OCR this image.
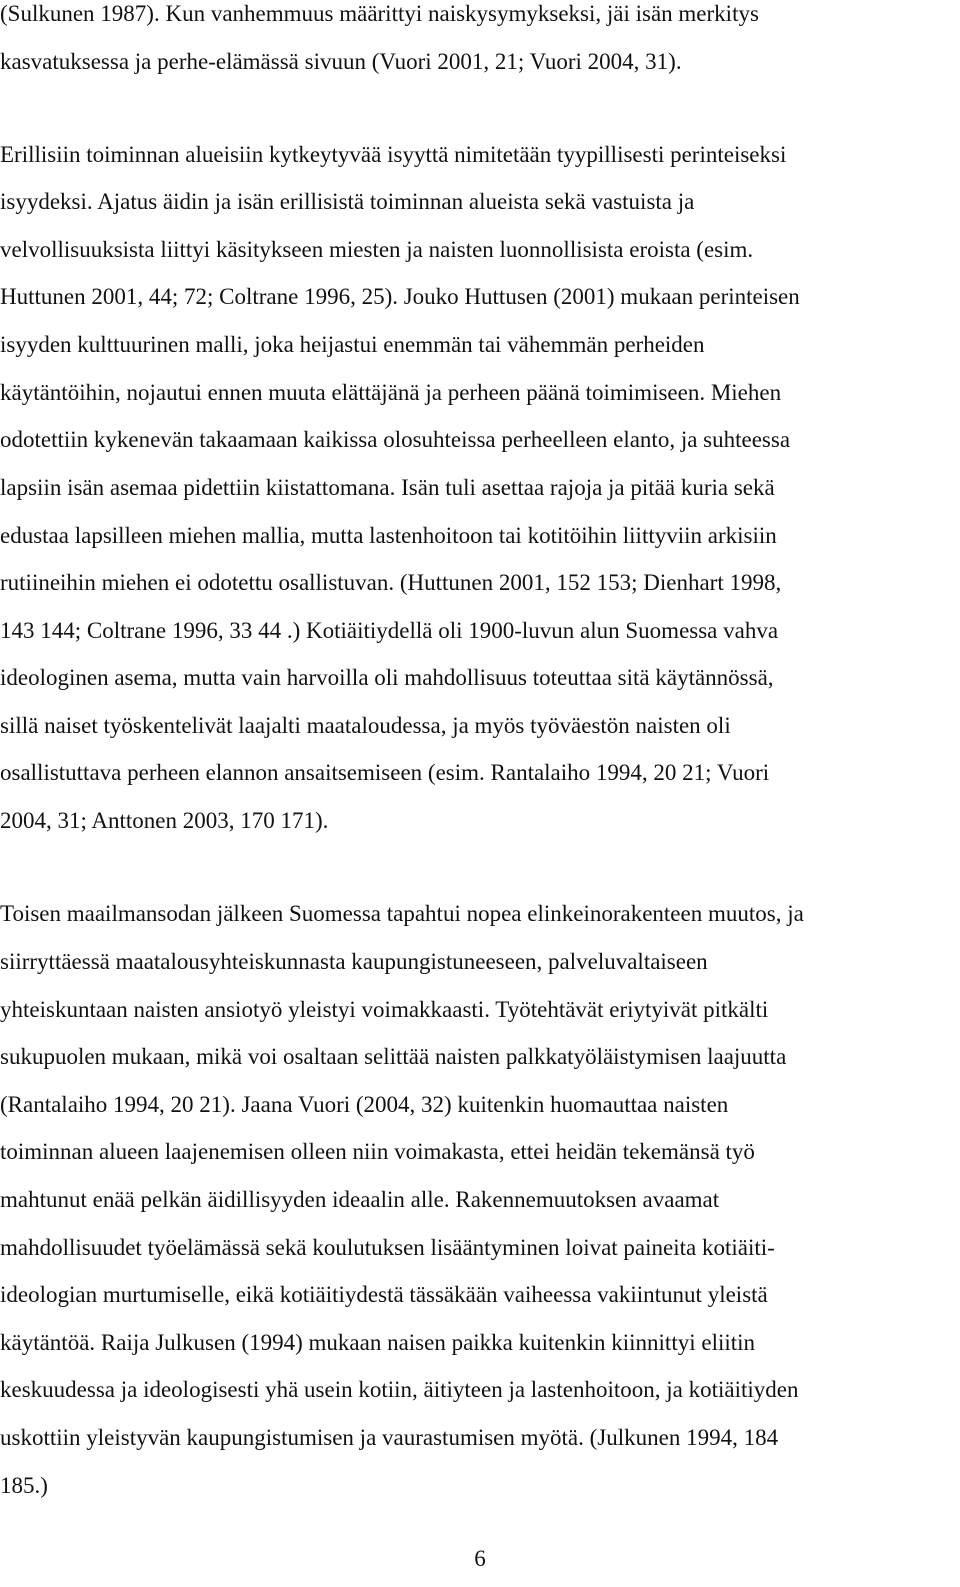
(Sulkunen 1987). Kun vanhemmuus määrittyi naiskysymykseksi, jäi isän merkitys
kasvatuksessa ja perhe-elämässä sivuun (Vuori 2001, 21; Vuori 2004, 31).
Erillisiin toiminnan alueisiin kytkeytyvää isyyttä nimitetään tyypillisesti perinteiseksi
isyydeksi. Ajatus äidin ja isän erillisistä toiminnan alueista sekä vastuista ja
velvollisuuksista liittyi käsitykseen miesten ja naisten luonnollisista eroista (esim.
Huttunen 2001, 44; 72; Coltrane 1996, 25). Jouko Huttusen (2001) mukaan perinteisen
isyyden kulttuurinen malli, joka heijastui enemmän tai vähemmän perheiden
käytäntöihin, nojautui ennen muuta elättäjänä ja perheen päänä toimimiseen. Miehen
odotettiin kykenevän takaamaan kaikissa olosuhteissa perheelleen elanto, ja suhteessa
lapsiin isän asemaa pidettiin kiistattomana. Isän tuli asettaa rajoja ja pitää kuria sekä
edustaa lapsilleen miehen mallia, mutta lastenhoitoon tai kotitöihin liittyviin arkisiin
rutiineihin miehen ei odotettu osallistuvan. (Huttunen 2001, 152 153; Dienhart 1998,
143 144; Coltrane 1996, 33 44 .) Kotiäitiydellä oli 1900-luvun alun Suomessa vahva
ideologinen asema, mutta vain harvoilla oli mahdollisuus toteuttaa sitä käytännössä,
sillä naiset työskentelivät laajalti maataloudessa, ja myös työväestön naisten oli
osallistuttava perheen elannon ansaitsemiseen (esim. Rantalaiho 1994, 20 21; Vuori
2004, 31; Anttonen 2003, 170 171).
Toisen maailmansodan jälkeen Suomessa tapahtui nopea elinkeinorakenteen muutos, ja
siirryttäessä maatalousyhteiskunnasta kaupungistuneeseen, palveluvaltaiseen
yhteiskuntaan naisten ansiotyö yleistyi voimakkaasti. Työtehtävät eriytyivät pitkälti
sukupuolen mukaan, mikä voi osaltaan selittää naisten palkkatyöläistymisen laajuutta
(Rantalaiho 1994, 20 21). Jaana Vuori (2004, 32) kuitenkin huomauttaa naisten
toiminnan alueen laajenemisen olleen niin voimakasta, ettei heidän tekemänsä työ
mahtunut enää pelkän äidillisyyden ideaalin alle. Rakennemuutoksen avaamat
mahdollisuudet työelämässä sekä koulutuksen lisääntyminen loivat paineita kotiäiti-
ideologian murtumiselle, eikä kotiäitiydestä tässäkään vaiheessa vakiintunut yleistä
käytäntöä. Raija Julkusen (1994) mukaan naisen paikka kuitenkin kiinnittyi eliitin
keskuudessa ja ideologisesti yhä usein kotiin, äitiyteen ja lastenhoitoon, ja kotiäitiyden
uskottiin yleistyvän kaupungistumisen ja vaurastumisen myötä. (Julkunen 1994, 184
185.)
6
